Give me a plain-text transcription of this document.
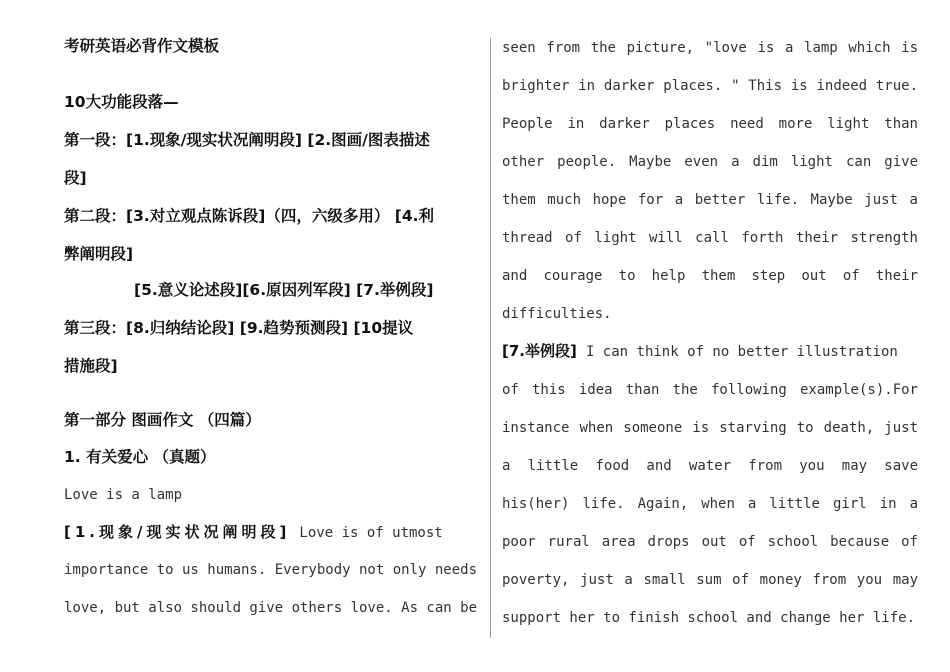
考研英语必背作文模板
10大功能段落—
第一段：[1.现象/现实状况阐明段] [2.图画/图表描述
段]
第二段：[3.对立观点陈诉段]（四，六级多用） [4.利
弊阐明段]
[5.意义论述段][6.原因列军段] [7.举例段]
第三段：[8.归纳结论段] [9.趋势预测段] [10提议
措施段]
第一部分 图画作文 （四篇）
1. 有关爱心 （真题）
Love is a lamp
[1.现象/现实状况阐明段] Love is of utmost
importance to us humans. Everybody not only needs
love, but also should give others love. As can be
seen from the picture, "love is a lamp which is
brighter in darker places. " This is indeed true.
People in darker places need more light than
other people. Maybe even a dim light can give
them much hope for a better life. Maybe just a
thread of light will call forth their strength
and courage to help them step out of their
difficulties.
[7.举例段] I can think of no better illustration
of this idea than the following example(s).For
instance when someone is starving to death, just
a little food and water from you may save
his(her) life. Again, when a little girl in a
poor rural area drops out of school because of
poverty, just a small sum of money from you may
support her to finish school and change her life.
